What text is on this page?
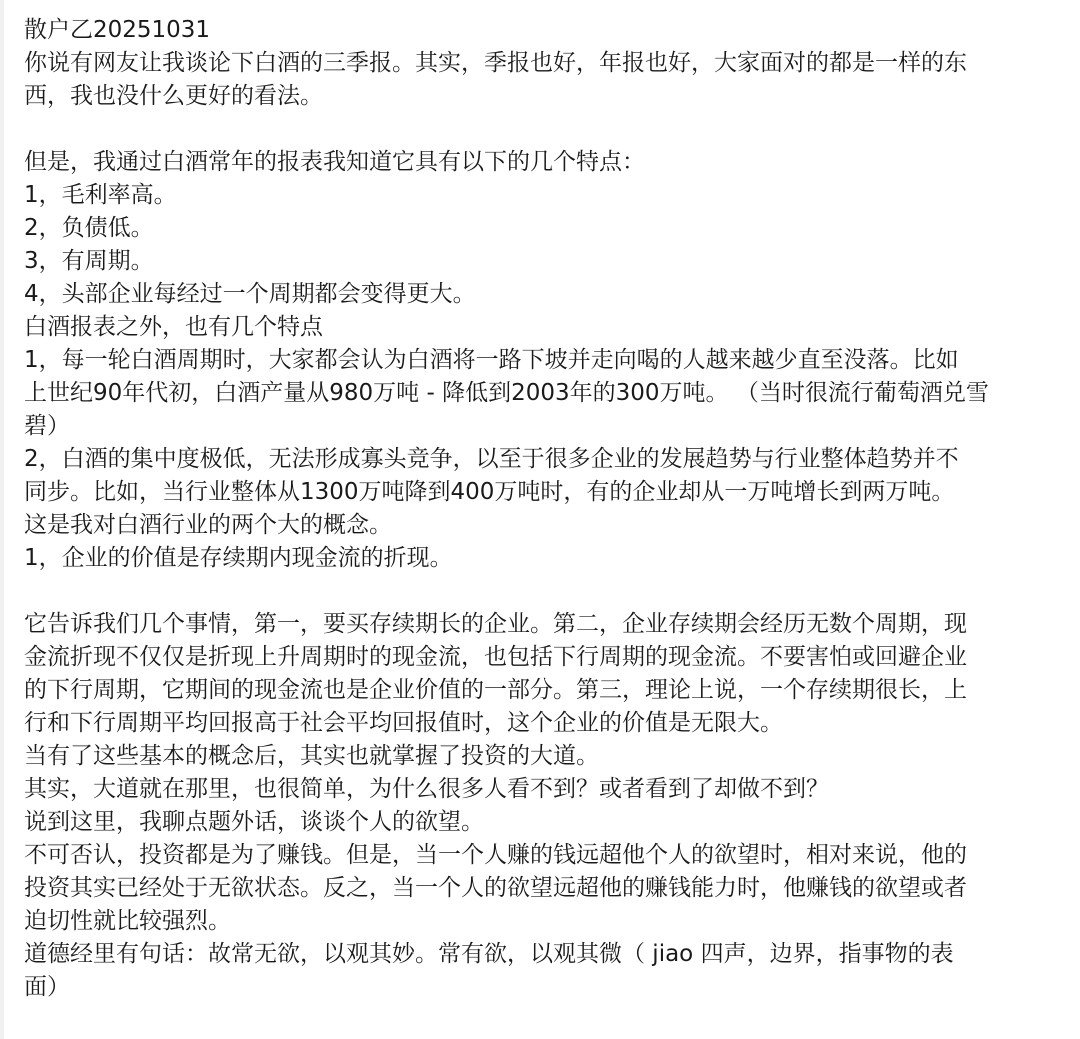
散户乙20251031
你说有网友让我谈论下白酒的三季报。其实，季报也好，年报也好，大家面对的都是一样的东
西，我也没什么更好的看法。
但是，我通过白酒常年的报表我知道它具有以下的几个特点：
1，毛利率高。
2，负债低。
3，有周期。
4，头部企业每经过一个周期都会变得更大。
白酒报表之外，也有几个特点
1，每一轮白酒周期时，大家都会认为白酒将一路下坡并走向喝的人越来越少直至没落。比如
上世纪90年代初，白酒产量从980万吨 - 降低到2003年的300万吨。 （当时很流行葡萄酒兑雪
碧）
2，白酒的集中度极低，无法形成寡头竞争，以至于很多企业的发展趋势与行业整体趋势并不
同步。比如，当行业整体从1300万吨降到400万吨时，有的企业却从一万吨增长到两万吨。
这是我对白酒行业的两个大的概念。
1，企业的价值是存续期内现金流的折现。
它告诉我们几个事情，第一，要买存续期长的企业。第二，企业存续期会经历无数个周期，现
金流折现不仅仅是折现上升周期时的现金流，也包括下行周期的现金流。不要害怕或回避企业
的下行周期，它期间的现金流也是企业价值的一部分。第三，理论上说，一个存续期很长，上
行和下行周期平均回报高于社会平均回报值时，这个企业的价值是无限大。
当有了这些基本的概念后，其实也就掌握了投资的大道。
其实，大道就在那里，也很简单，为什么很多人看不到？或者看到了却做不到？
说到这里，我聊点题外话，谈谈个人的欲望。
不可否认，投资都是为了赚钱。但是，当一个人赚的钱远超他个人的欲望时，相对来说，他的
投资其实已经处于无欲状态。反之，当一个人的欲望远超他的赚钱能力时，他赚钱的欲望或者
迫切性就比较强烈。
道德经里有句话：故常无欲，以观其妙。常有欲，以观其微（ jiao 四声，边界，指事物的表
面）
